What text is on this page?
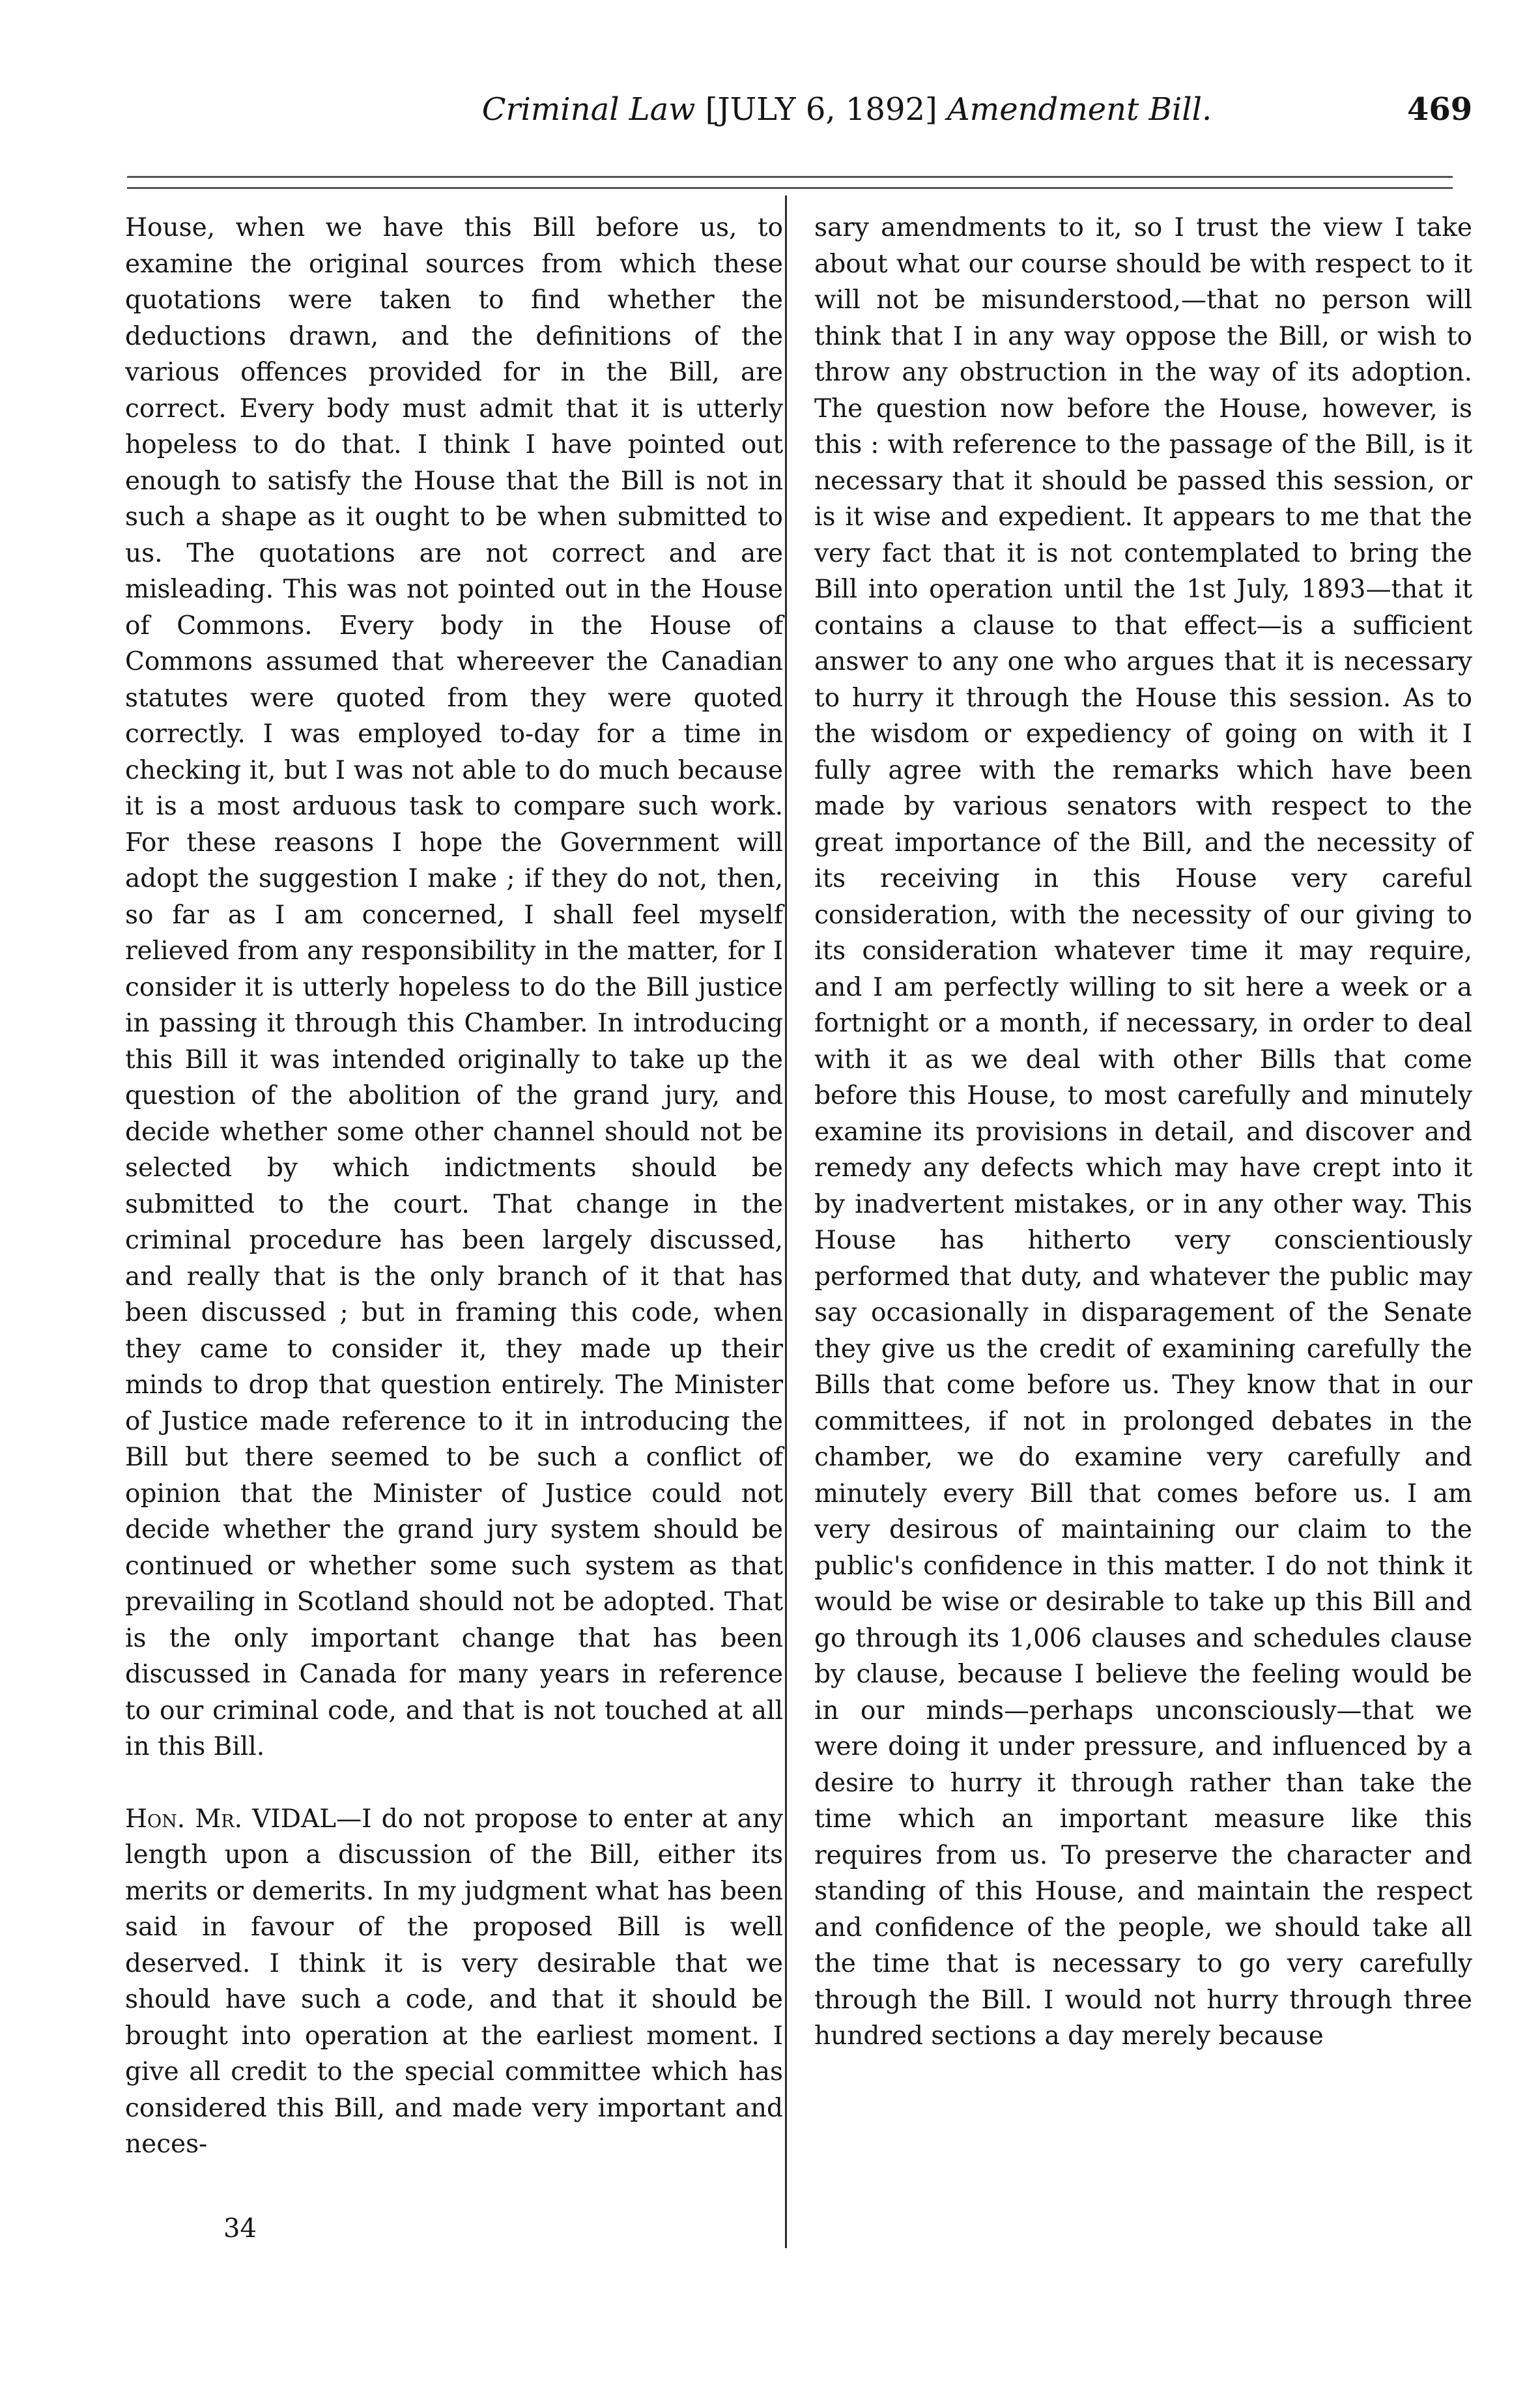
Criminal Law [JULY 6, 1892] Amendment Bill.	469

House, when we have this Bill before us, to examine the original sources from which these quotations were taken to find whether the deductions drawn, and the definitions of the various offences provided for in the Bill, are correct. Every body must admit that it is utterly hopeless to do that. I think I have pointed out enough to satisfy the House that the Bill is not in such a shape as it ought to be when submitted to us. The quotations are not correct and are misleading. This was not pointed out in the House of Commons. Every body in the House of Commons assumed that whereever the Canadian statutes were quoted from they were quoted correctly. I was employed to-day for a time in checking it, but I was not able to do much because it is a most arduous task to compare such work. For these reasons I hope the Government will adopt the suggestion I make ; if they do not, then, so far as I am concerned, I shall feel myself relieved from any responsibility in the matter, for I consider it is utterly hopeless to do the Bill justice in passing it through this Chamber. In introducing this Bill it was intended originally to take up the question of the abolition of the grand jury, and decide whether some other channel should not be selected by which indictments should be submitted to the court. That change in the criminal procedure has been largely discussed, and really that is the only branch of it that has been discussed ; but in framing this code, when they came to consider it, they made up their minds to drop that question entirely. The Minister of Justice made reference to it in introducing the Bill but there seemed to be such a conflict of opinion that the Minister of Justice could not decide whether the grand jury system should be continued or whether some such system as that prevailing in Scotland should not be adopted. That is the only important change that has been discussed in Canada for many years in reference to our criminal code, and that is not touched at all in this Bill.

Hon. Mr. VIDAL—I do not propose to enter at any length upon a discussion of the Bill, either its merits or demerits. In my judgment what has been said in favour of the proposed Bill is well deserved. I think it is very desirable that we should have such a code, and that it should be brought into operation at the earliest moment. I give all credit to the special committee which has considered this Bill, and made very important and neces-

sary amendments to it, so I trust the view I take about what our course should be with respect to it will not be misunderstood,—that no person will think that I in any way oppose the Bill, or wish to throw any obstruction in the way of its adoption. The question now before the House, however, is this : with reference to the passage of the Bill, is it necessary that it should be passed this session, or is it wise and expedient. It appears to me that the very fact that it is not contemplated to bring the Bill into operation until the 1st July, 1893—that it contains a clause to that effect—is a sufficient answer to any one who argues that it is necessary to hurry it through the House this session. As to the wisdom or expediency of going on with it I fully agree with the remarks which have been made by various senators with respect to the great importance of the Bill, and the necessity of its receiving in this House very careful consideration, with the necessity of our giving to its consideration whatever time it may require, and I am perfectly willing to sit here a week or a fortnight or a month, if necessary, in order to deal with it as we deal with other Bills that come before this House, to most carefully and minutely examine its provisions in detail, and discover and remedy any defects which may have crept into it by inadvertent mistakes, or in any other way. This House has hitherto very conscientiously performed that duty, and whatever the public may say occasionally in disparagement of the Senate they give us the credit of examining carefully the Bills that come before us. They know that in our committees, if not in prolonged debates in the chamber, we do examine very carefully and minutely every Bill that comes before us. I am very desirous of maintaining our claim to the public's confidence in this matter. I do not think it would be wise or desirable to take up this Bill and go through its 1,006 clauses and schedules clause by clause, because I believe the feeling would be in our minds—perhaps unconsciously—that we were doing it under pressure, and influenced by a desire to hurry it through rather than take the time which an important measure like this requires from us. To preserve the character and standing of this House, and maintain the respect and confidence of the people, we should take all the time that is necessary to go very carefully through the Bill. I would not hurry through three hundred sections a day merely because

34
